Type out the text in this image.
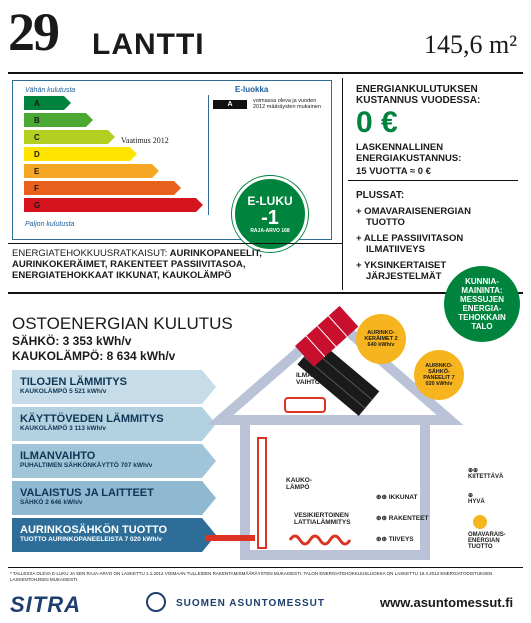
29 LANTTI	145,6 m²
Vähän kulutusta
Paljon kulutusta
E-luokka
A	voimassa oleva ja vuoden 2012 määräysten mukainen
Vaatimus 2012
A
B
C
D
E
F
G	E-LUKU
-1
RAJA-ARVO 168
ENERGIANKULUTUKSEN KUSTANNUS VUODESSA:
0 €
LASKENNALLINEN ENERGIAKUSTANNUS:
15 VUOTTA ≈ 0 €
PLUSSAT:
+ OMAVARAISENERGIAN TUOTTO
+ ALLE PASSIIVITASON ILMATIIVEYS
+ YKSINKERTAISET JÄRJESTELMÄT
ENERGIATEHOKKUUSRATKAISUT: AURINKOPANEELIT, AURINKOKERÄIMET, RAKENTEET PASSIIVITASOA, ENERGIATEHOKKAAT IKKUNAT, KAUKOLÄMPÖ
KUNNIA-MAININTA: MESSUJEN ENERGIA-TEHOKKAIN TALO
OSTOENERGIAN KULUTUS
SÄHKÖ: 3 353 kWh/v
KAUKOLÄMPÖ: 8 634 kWh/v
TILOJEN LÄMMITYS
KAUKOLÄMPÖ 5 521 kWh/v
KÄYTTÖVEDEN LÄMMITYS
KAUKOLÄMPÖ 3 113 kWh/v
ILMANVAIHTO
PUHALTIMEN SÄHKÖNKÄYTTÖ 707 kWh/v
VALAISTUS JA LAITTEET
SÄHKÖ 2 646 kWh/v
AURINKOSÄHKÖN TUOTTO
TUOTTO AURINKOPANEELEISTA 7 020 kWh/v
AURINKO-KERÄIMET 2 640 kWh/v
AURINKO-SÄHKÖ-PANEELIT 7 020 kWh/v
ILMAN-VAIHTO
KAUKO-LÄMPÖ
VESIKIERTOINEN LATTIALÄMMITYS
⊕⊕ IKKUNAT
⊕⊕ RAKENTEET
⊕⊕ TIIVEYS
⊕⊕
KIITETTÄVÄ
⊕
HYVÄ
OMAVARAIS-ENERGIAN TUOTTO
* TALLESSA OLEVA E-LUKU JA SEN RAJA-ARVO ON LASKETTU 1.1.2012 VOIMAAN TULLEIDEN RAKENTAMISMÄÄRÄYSTEN MUKAISESTI. TALON ENERGIATEHOKKUUSLUOKKA ON LASKETTU 18.4.2012 ENERGIATODISTUKSEN LASKENTOHJEEN MUKAISESTI.
SITRA	SUOMEN ASUNTOMESSUT	www.asuntomessut.fi
